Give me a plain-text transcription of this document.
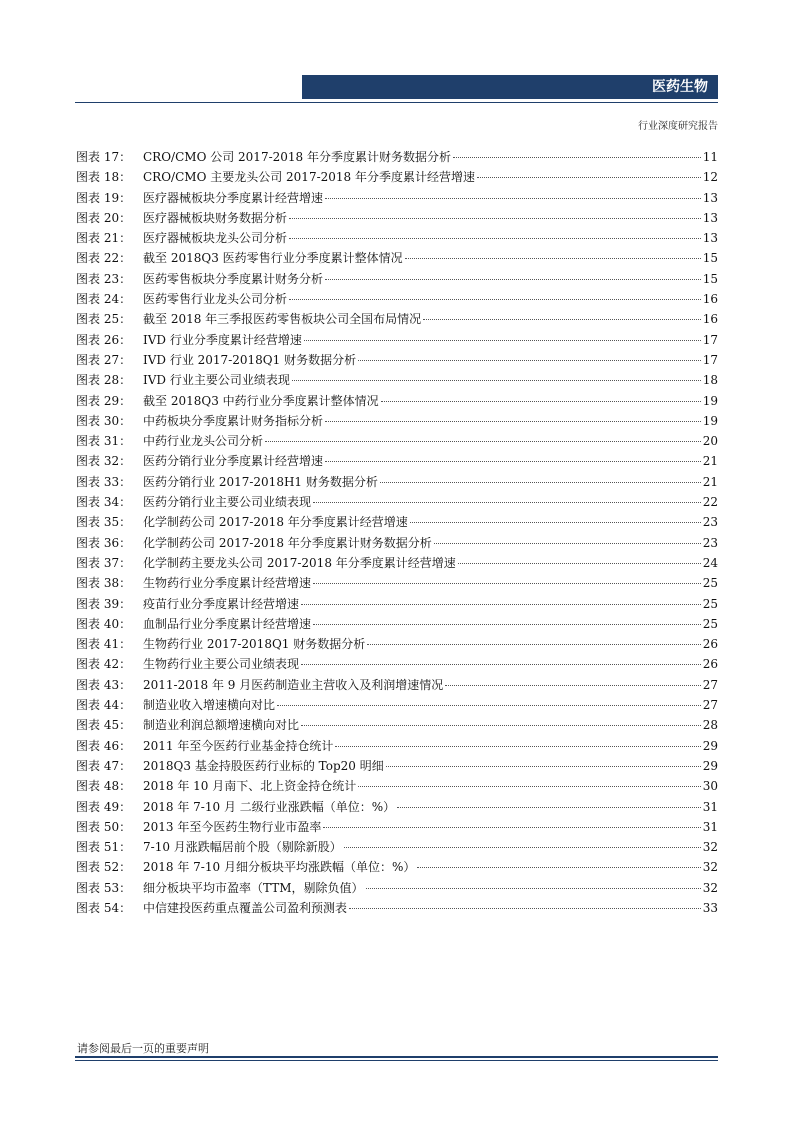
医药生物
行业深度研究报告
图表 17： CRO/CMO 公司 2017-2018 年分季度累计财务数据分析	11
图表 18： CRO/CMO 主要龙头公司 2017-2018 年分季度累计经营增速	12
图表 19： 医疗器械板块分季度累计经营增速	13
图表 20： 医疗器械板块财务数据分析	13
图表 21： 医疗器械板块龙头公司分析	13
图表 22： 截至 2018Q3 医药零售行业分季度累计整体情况	15
图表 23： 医药零售板块分季度累计财务分析	15
图表 24： 医药零售行业龙头公司分析	16
图表 25： 截至 2018 年三季报医药零售板块公司全国布局情况	16
图表 26： IVD 行业分季度累计经营增速	17
图表 27： IVD 行业 2017-2018Q1 财务数据分析	17
图表 28： IVD 行业主要公司业绩表现	18
图表 29： 截至 2018Q3 中药行业分季度累计整体情况	19
图表 30： 中药板块分季度累计财务指标分析	19
图表 31： 中药行业龙头公司分析	20
图表 32： 医药分销行业分季度累计经营增速	21
图表 33： 医药分销行业 2017-2018H1 财务数据分析	21
图表 34： 医药分销行业主要公司业绩表现	22
图表 35： 化学制药公司 2017-2018 年分季度累计经营增速	23
图表 36： 化学制药公司 2017-2018 年分季度累计财务数据分析	23
图表 37： 化学制药主要龙头公司 2017-2018 年分季度累计经营增速	24
图表 38： 生物药行业分季度累计经营增速	25
图表 39： 疫苗行业分季度累计经营增速	25
图表 40： 血制品行业分季度累计经营增速	25
图表 41： 生物药行业 2017-2018Q1 财务数据分析	26
图表 42： 生物药行业主要公司业绩表现	26
图表 43： 2011-2018 年 9 月医药制造业主营收入及利润增速情况	27
图表 44： 制造业收入增速横向对比	27
图表 45： 制造业利润总额增速横向对比	28
图表 46： 2011 年至今医药行业基金持仓统计	29
图表 47： 2018Q3 基金持股医药行业标的 Top20 明细	29
图表 48： 2018 年 10 月南下、北上资金持仓统计	30
图表 49： 2018 年 7-10 月 二级行业涨跌幅（单位：%）	31
图表 50： 2013 年至今医药生物行业市盈率	31
图表 51： 7-10 月涨跌幅居前个股（剔除新股）	32
图表 52： 2018 年 7-10 月细分板块平均涨跌幅（单位：%）	32
图表 53： 细分板块平均市盈率（TTM，剔除负值）	32
图表 54： 中信建投医药重点覆盖公司盈利预测表	33
请参阅最后一页的重要声明
